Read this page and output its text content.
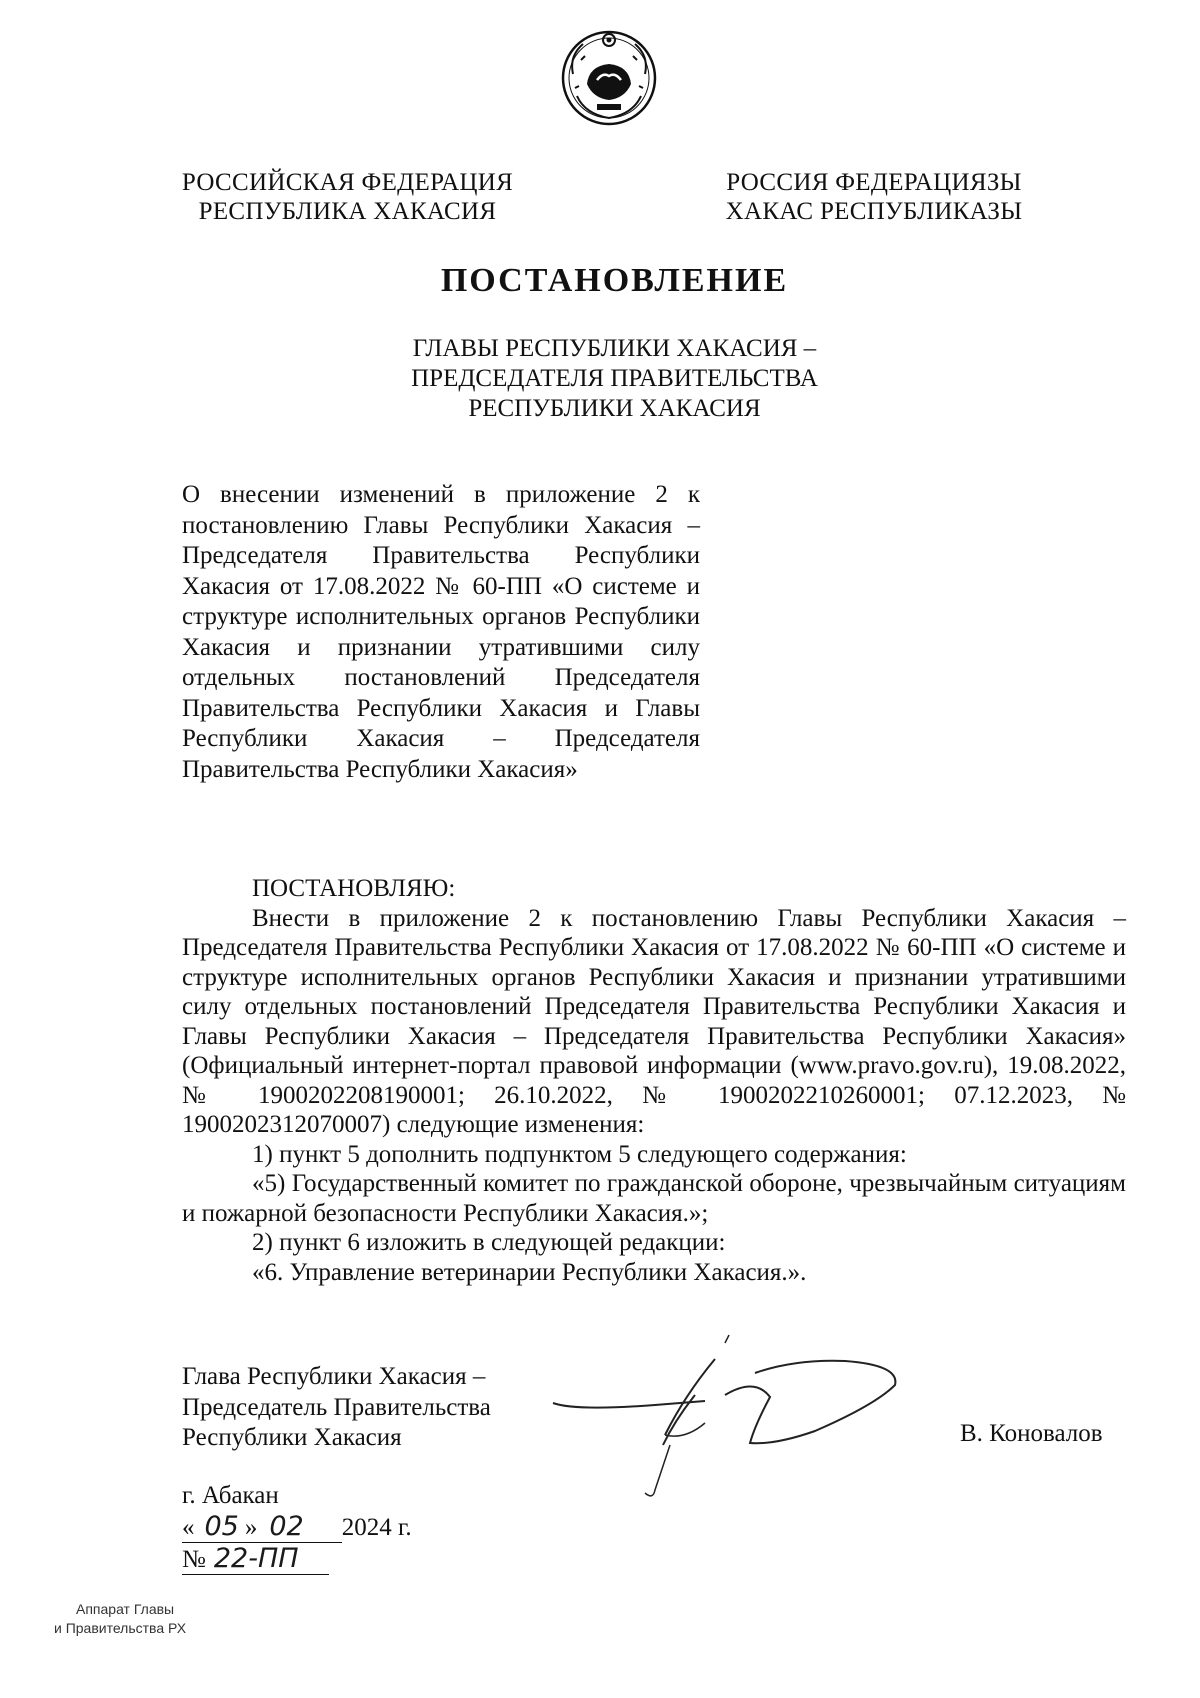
РОССИЙСКАЯ ФЕДЕРАЦИЯ
РЕСПУБЛИКА ХАКАСИЯ
РОССИЯ ФЕДЕРАЦИЯЗЫ
ХАКАС РЕСПУБЛИКАЗЫ
ПОСТАНОВЛЕНИЕ
ГЛАВЫ РЕСПУБЛИКИ ХАКАСИЯ –
ПРЕДСЕДАТЕЛЯ ПРАВИТЕЛЬСТВА
РЕСПУБЛИКИ ХАКАСИЯ
О внесении изменений в приложение 2 к постановлению Главы Республики Хакасия – Председателя Правительства Республики Хакасия от 17.08.2022 № 60-ПП «О системе и структуре исполнительных органов Республики Хакасия и признании утратившими силу отдельных постановлений Председателя Правительства Республики Хакасия и Главы Республики Хакасия – Председателя Правительства Республики Хакасия»

ПОСТАНОВЛЯЮ:

Внести в приложение 2 к постановлению Главы Республики Хакасия – Председателя Правительства Республики Хакасия от 17.08.2022 № 60-ПП «О системе и структуре исполнительных органов Республики Хакасия и признании утратившими силу отдельных постановлений Председателя Правительства Республики Хакасия и Главы Республики Хакасия – Председателя Правительства Республики Хакасия» (Официальный интернет-портал правовой информации (www.pravo.gov.ru), 19.08.2022, № 1900202208190001; 26.10.2022, № 1900202210260001; 07.12.2023, № 1900202312070007) следующие изменения:

1) пункт 5 дополнить подпунктом 5 следующего содержания:

«5) Государственный комитет по гражданской обороне, чрезвычайным ситуациям и пожарной безопасности Республики Хакасия.»;

2) пункт 6 изложить в следующей редакции:

«6. Управление ветеринарии Республики Хакасия.».

Глава Республики Хакасия –
Председатель Правительства
Республики Хакасия	В. Коновалов
г. Абакан
« 05 » 02 2024 г.
№ 22-ПП
Аппарат Главы
и Правительства РХ
